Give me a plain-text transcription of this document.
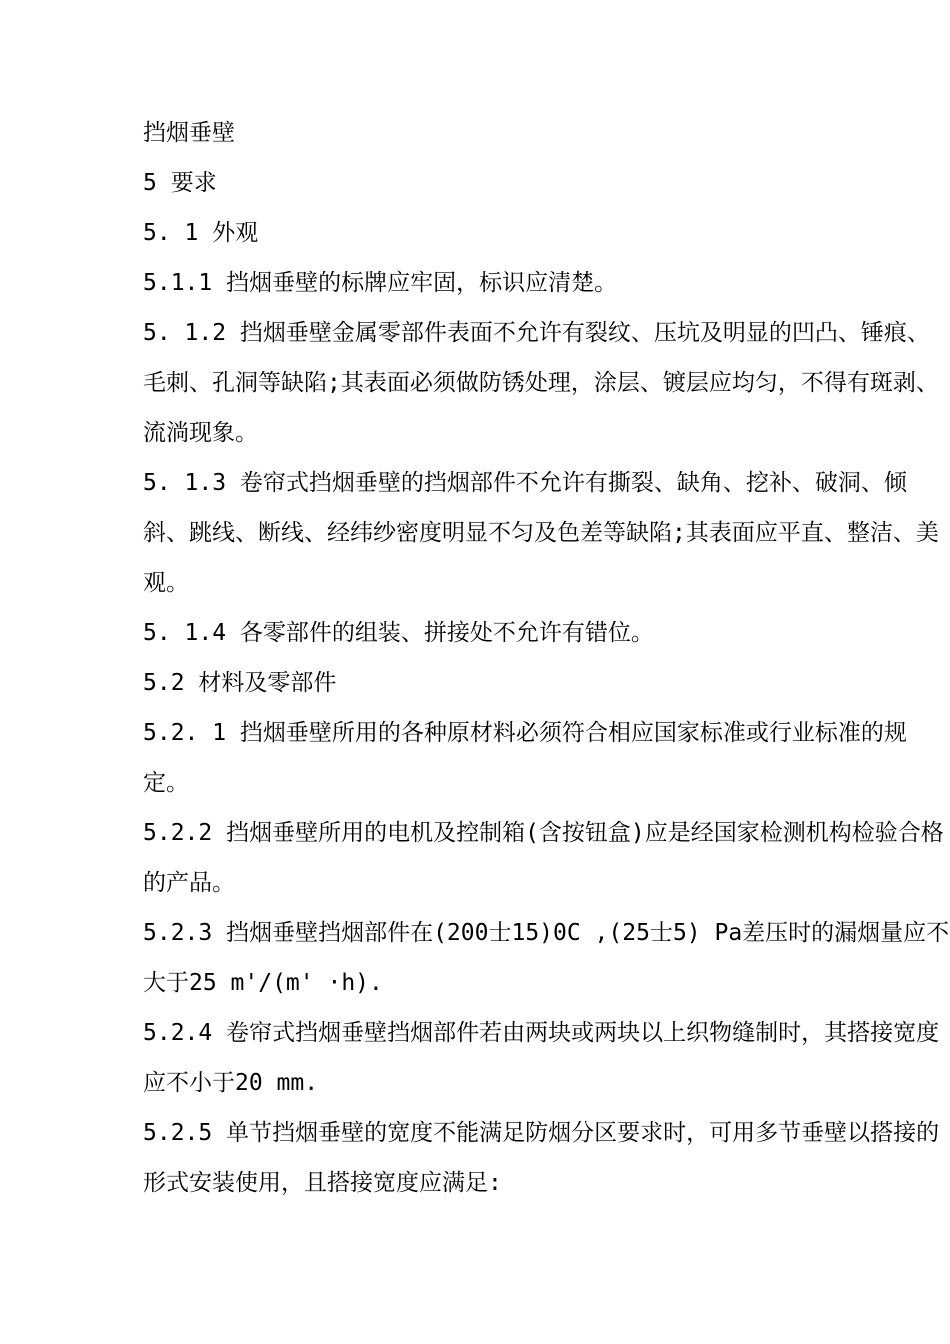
挡烟垂壁

5 要求

5. 1 外观

5.1.1 挡烟垂壁的标牌应牢固，标识应清楚。

5. 1.2 挡烟垂壁金属零部件表面不允许有裂纹、压坑及明显的凹凸、锤痕、毛刺、孔洞等缺陷;其表面必须做防锈处理，涂层、镀层应均匀，不得有斑剥、流淌现象。

5. 1.3 卷帘式挡烟垂壁的挡烟部件不允许有撕裂、缺角、挖补、破洞、倾斜、跳线、断线、经纬纱密度明显不匀及色差等缺陷;其表面应平直、整洁、美观。

5. 1.4 各零部件的组装、拼接处不允许有错位。

5.2 材料及零部件

5.2. 1 挡烟垂壁所用的各种原材料必须符合相应国家标准或行业标准的规定。

5.2.2 挡烟垂壁所用的电机及控制箱(含按钮盒)应是经国家检测机构检验合格的产品。

5.2.3 挡烟垂壁挡烟部件在(200士15)0C ,(25士5) Pa差压时的漏烟量应不大于25 m'/(m' ·h).

5.2.4 卷帘式挡烟垂壁挡烟部件若由两块或两块以上织物缝制时，其搭接宽度应不小于20 mm.

5.2.5 单节挡烟垂壁的宽度不能满足防烟分区要求时，可用多节垂壁以搭接的形式安装使用，且搭接宽度应满足:
